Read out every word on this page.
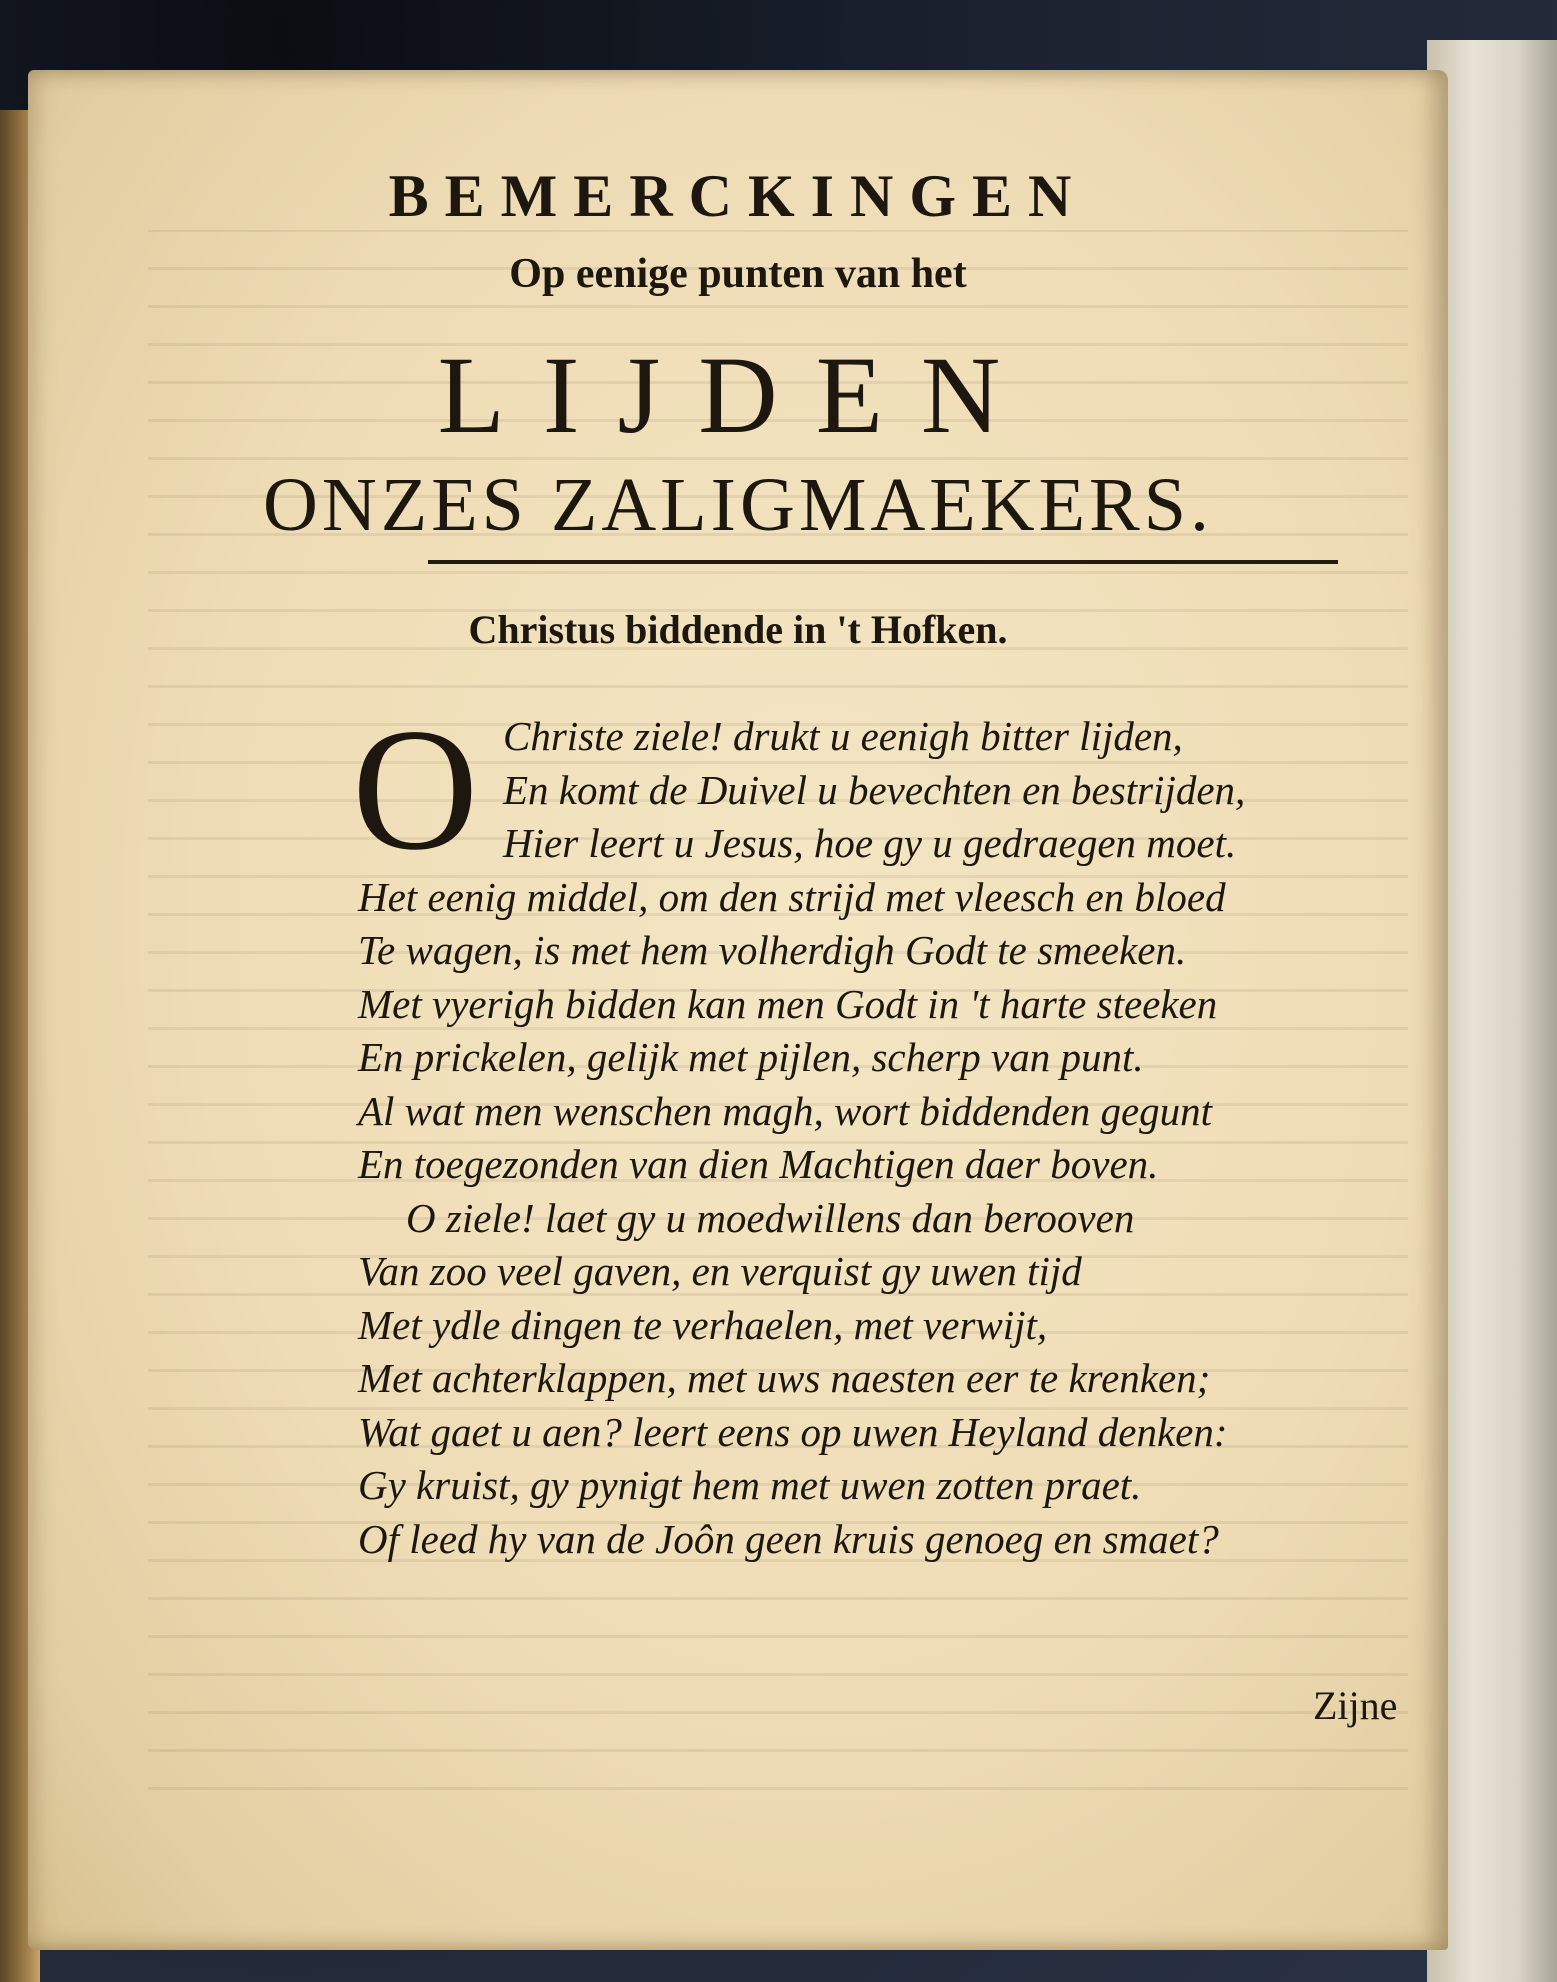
BEMERCKINGEN
Op eenige punten van het
LIJDEN
ONZES ZALIGMAEKERS.
Christus biddende in 't Hofken.
O Christe ziele! drukt u eenigh bitter lijden,
En komt de Duivel u bevechten en bestrijden,
Hier leert u Jesus, hoe gy u gedraegen moet.
Het eenig middel, om den strijd met vleesch en bloed
Te wagen, is met hem volherdigh Godt te smeeken.
Met vyerigh bidden kan men Godt in 't harte steeken
En prickelen, gelijk met pijlen, scherp van punt.
Al wat men wenschen magh, wort biddenden gegunt
En toegezonden van dien Machtigen daer boven.
O ziele! laet gy u moedwillens dan berooven
Van zoo veel gaven, en verquist gy uwen tijd
Met ydle dingen te verhaelen, met verwijt,
Met achterklappen, met uws naesten eer te krenken;
Wat gaet u aen? leert eens op uwen Heyland denken:
Gy kruist, gy pynigt hem met uwen zotten praet.
Of leed hy van de Joôn geen kruis genoeg en smaet?
Zijne
